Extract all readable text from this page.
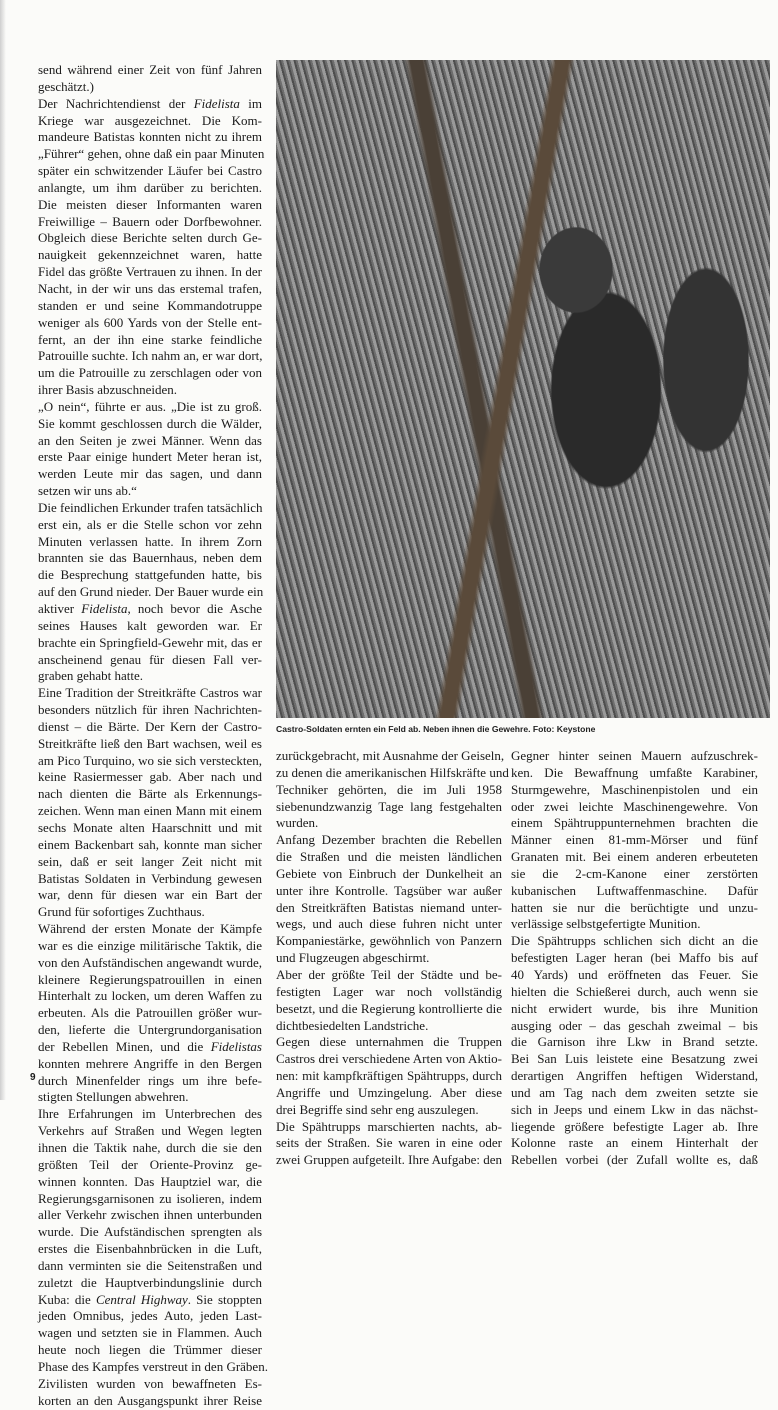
send während einer Zeit von fünf Jahren
geschätzt.)
Der Nachrichtendienst der Fidelista im
Kriege war ausgezeichnet. Die Kom-
mandeure Batistas konnten nicht zu ihrem
„Führer“ gehen, ohne daß ein paar Minuten
später ein schwitzender Läufer bei Castro
anlangte, um ihm darüber zu berichten.
Die meisten dieser Informanten waren
Freiwillige – Bauern oder Dorfbewohner.
Obgleich diese Berichte selten durch Ge-
nauigkeit gekennzeichnet waren, hatte
Fidel das größte Vertrauen zu ihnen. In der
Nacht, in der wir uns das erstemal trafen,
standen er und seine Kommandotruppe
weniger als 600 Yards von der Stelle ent-
fernt, an der ihn eine starke feindliche
Patrouille suchte. Ich nahm an, er war dort,
um die Patrouille zu zerschlagen oder von
ihrer Basis abzuschneiden.
„O nein“, führte er aus. „Die ist zu groß.
Sie kommt geschlossen durch die Wälder,
an den Seiten je zwei Männer. Wenn das
erste Paar einige hundert Meter heran ist,
werden Leute mir das sagen, und dann
setzen wir uns ab.“
Die feindlichen Erkunder trafen tatsächlich
erst ein, als er die Stelle schon vor zehn
Minuten verlassen hatte. In ihrem Zorn
brannten sie das Bauernhaus, neben dem
die Besprechung stattgefunden hatte, bis
auf den Grund nieder. Der Bauer wurde ein
aktiver Fidelista, noch bevor die Asche
seines Hauses kalt geworden war. Er
brachte ein Springfield-Gewehr mit, das er
anscheinend genau für diesen Fall ver-
graben gehabt hatte.
Eine Tradition der Streitkräfte Castros war
besonders nützlich für ihren Nachrichten-
dienst – die Bärte. Der Kern der Castro-
Streitkräfte ließ den Bart wachsen, weil es
am Pico Turquino, wo sie sich versteckten,
keine Rasiermesser gab. Aber nach und
nach dienten die Bärte als Erkennungs-
zeichen. Wenn man einen Mann mit einem
sechs Monate alten Haarschnitt und mit
einem Backenbart sah, konnte man sicher
sein, daß er seit langer Zeit nicht mit
Batistas Soldaten in Verbindung gewesen
war, denn für diesen war ein Bart der
Grund für sofortiges Zuchthaus.
Während der ersten Monate der Kämpfe
war es die einzige militärische Taktik, die
von den Aufständischen angewandt wurde,
kleinere Regierungspatrouillen in einen
Hinterhalt zu locken, um deren Waffen zu
erbeuten. Als die Patrouillen größer wur-
den, lieferte die Untergrundorganisation
der Rebellen Minen, und die Fidelistas
konnten mehrere Angriffe in den Bergen
durch Minenfelder rings um ihre befe-
stigten Stellungen abwehren.
Ihre Erfahrungen im Unterbrechen des
Verkehrs auf Straßen und Wegen legten
ihnen die Taktik nahe, durch die sie den
größten Teil der Oriente-Provinz ge-
winnen konnten. Das Hauptziel war, die
Regierungsgarnisonen zu isolieren, indem
aller Verkehr zwischen ihnen unterbunden
wurde. Die Aufständischen sprengten als
erstes die Eisenbahnbrücken in die Luft,
dann verminten sie die Seitenstraßen und
zuletzt die Hauptverbindungslinie durch
Kuba: die Central Highway. Sie stoppten
jeden Omnibus, jedes Auto, jeden Last-
wagen und setzten sie in Flammen. Auch
heute noch liegen die Trümmer dieser
Phase des Kampfes verstreut in den Gräben.
Zivilisten wurden von bewaffneten Es-
korten an den Ausgangspunkt ihrer Reise
Castro-Soldaten ernten ein Feld ab. Neben ihnen die Gewehre. Foto: Keystone
zurückgebracht, mit Ausnahme der Geiseln,
zu denen die amerikanischen Hilfskräfte und
Techniker gehörten, die im Juli 1958
siebenundzwanzig Tage lang festgehalten
wurden.
Anfang Dezember brachten die Rebellen
die Straßen und die meisten ländlichen
Gebiete von Einbruch der Dunkelheit an
unter ihre Kontrolle. Tagsüber war außer
den Streitkräften Batistas niemand unter-
wegs, und auch diese fuhren nicht unter
Kompaniestärke, gewöhnlich von Panzern
und Flugzeugen abgeschirmt.
Aber der größte Teil der Städte und be-
festigten Lager war noch vollständig
besetzt, und die Regierung kontrollierte die
dichtbesiedelten Landstriche.
Gegen diese unternahmen die Truppen
Castros drei verschiedene Arten von Aktio-
nen: mit kampfkräftigen Spähtrupps, durch
Angriffe und Umzingelung. Aber diese
drei Begriffe sind sehr eng auszulegen.
Die Spähtrupps marschierten nachts, ab-
seits der Straßen. Sie waren in eine oder
zwei Gruppen aufgeteilt. Ihre Aufgabe: den
Gegner hinter seinen Mauern aufzuschrek-
ken. Die Bewaffnung umfaßte Karabiner,
Sturmgewehre, Maschinenpistolen und ein
oder zwei leichte Maschinengewehre. Von
einem Spähtruppunternehmen brachten die
Männer einen 81-mm-Mörser und fünf
Granaten mit. Bei einem anderen erbeuteten
sie die 2-cm-Kanone einer zerstörten
kubanischen Luftwaffenmaschine. Dafür
hatten sie nur die berüchtigte und unzu-
verlässige selbstgefertigte Munition.
Die Spähtrupps schlichen sich dicht an die
befestigten Lager heran (bei Maffo bis auf
40 Yards) und eröffneten das Feuer. Sie
hielten die Schießerei durch, auch wenn sie
nicht erwidert wurde, bis ihre Munition
ausging oder – das geschah zweimal – bis
die Garnison ihre Lkw in Brand setzte.
Bei San Luis leistete eine Besatzung zwei
derartigen Angriffen heftigen Widerstand,
und am Tag nach dem zweiten setzte sie
sich in Jeeps und einem Lkw in das nächst-
liegende größere befestigte Lager ab. Ihre
Kolonne raste an einem Hinterhalt der
Rebellen vorbei (der Zufall wollte es, daß
9
